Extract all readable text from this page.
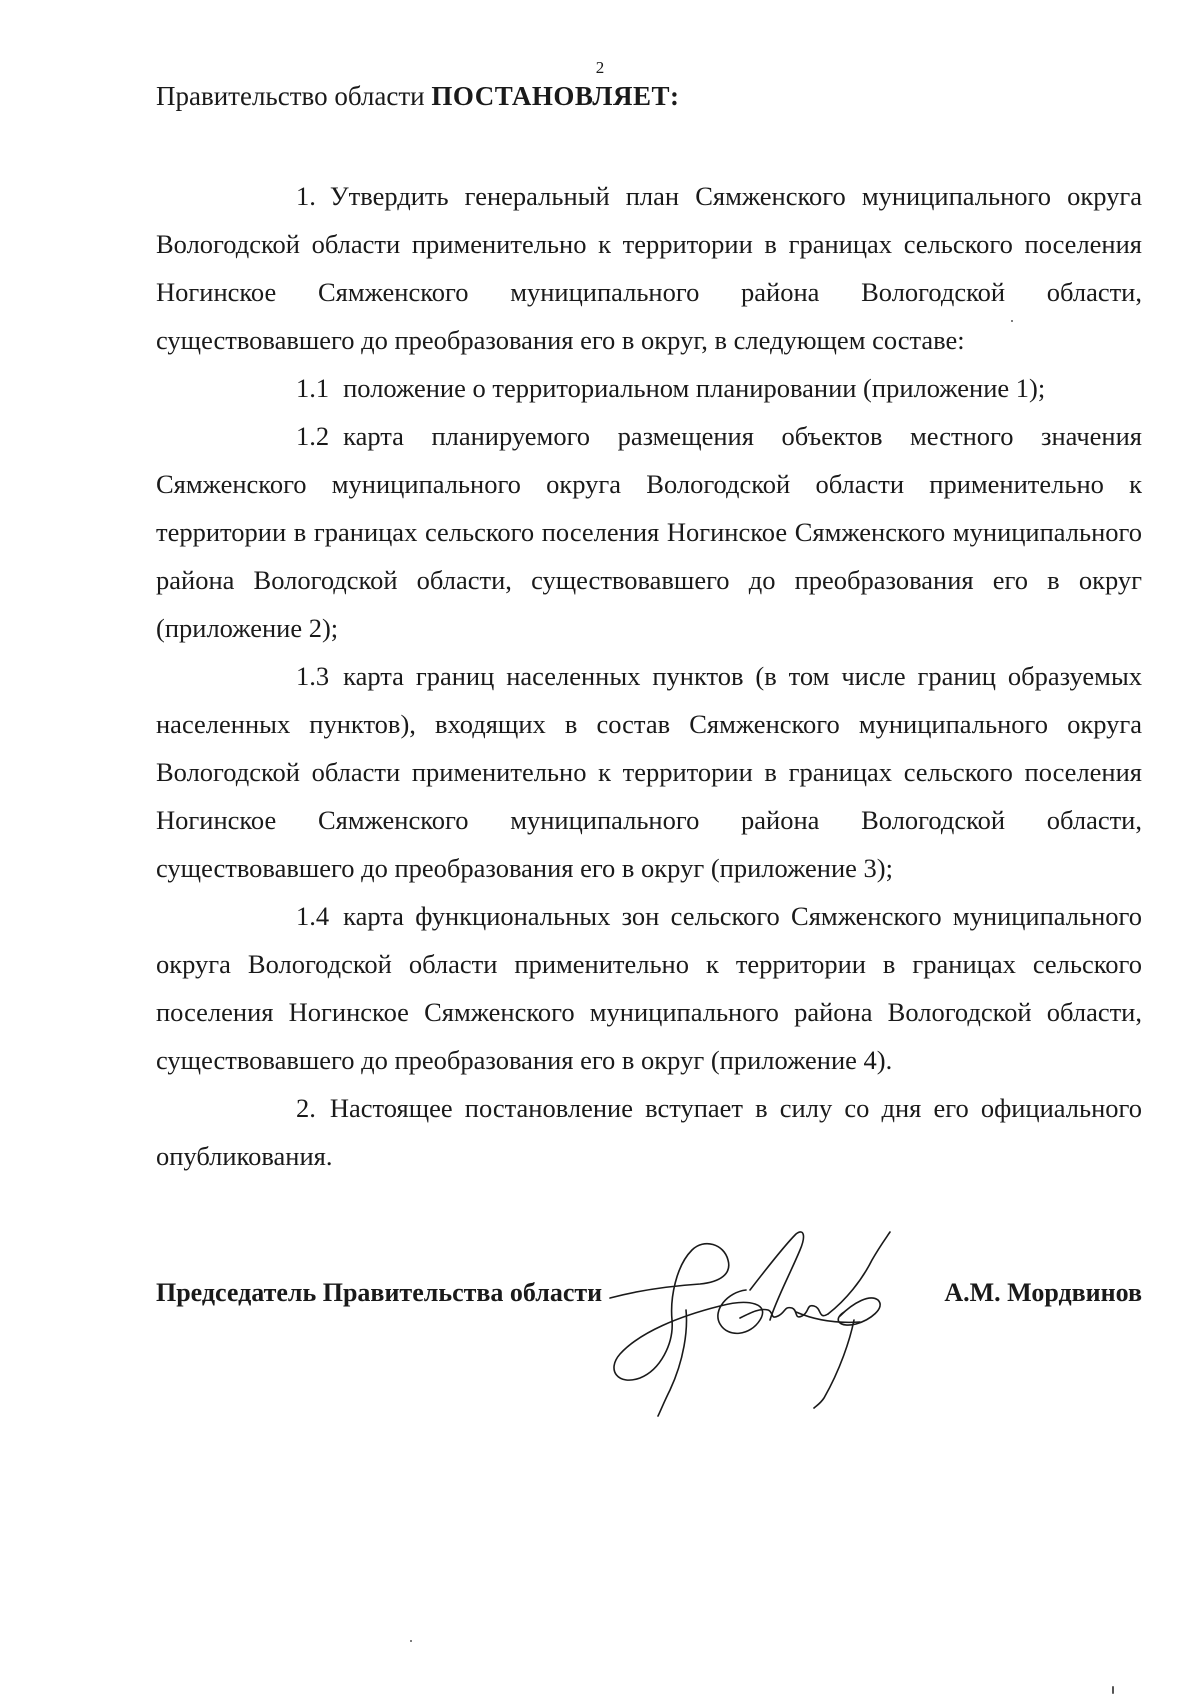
2
Правительство области ПОСТАНОВЛЯЕТ:

1. Утвердить генеральный план Сямженского муниципального округа Вологодской области применительно к территории в границах сельского поселения Ногинское Сямженского муниципального района Вологодской области, существовавшего до преобразования его в округ, в следующем составе:

1.1 положение о территориальном планировании (приложение 1);

1.2 карта планируемого размещения объектов местного значения Сямженского муниципального округа Вологодской области применительно к территории в границах сельского поселения Ногинское Сямженского муниципального района Вологодской области, существовавшего до преобразования его в округ (приложение 2);

1.3 карта границ населенных пунктов (в том числе границ образуемых населенных пунктов), входящих в состав Сямженского муниципального округа Вологодской области применительно к территории в границах сельского поселения Ногинское Сямженского муниципального района Вологодской области, существовавшего до преобразования его в округ (приложение 3);

1.4 карта функциональных зон сельского Сямженского муниципального округа Вологодской области применительно к территории в границах сельского поселения Ногинское Сямженского муниципального района Вологодской области, существовавшего до преобразования его в округ (приложение 4).

2. Настоящее постановление вступает в силу со дня его официального опубликования.

Председатель Правительства области	А.М. Мордвинов
